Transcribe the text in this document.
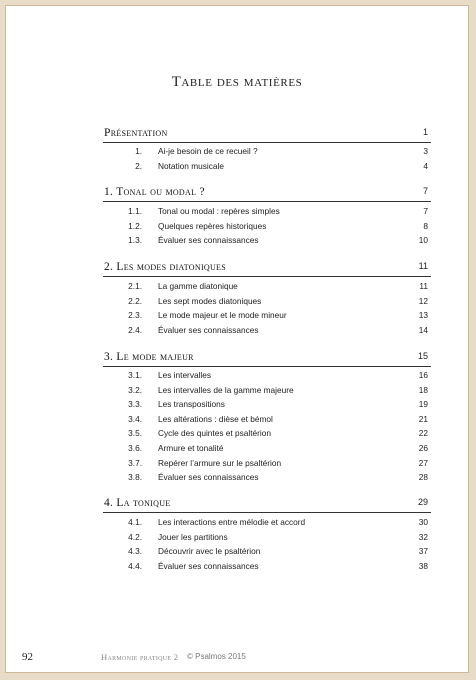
Table des matières
Présentation	1
1. Ai-je besoin de ce recueil ?	3
2. Notation musicale	4
1. Tonal ou modal ?	7
1.1. Tonal ou modal : repères simples	7
1.2. Quelques repères historiques	8
1.3. Évaluer ses connaissances	10
2. Les modes diatoniques	11
2.1. La gamme diatonique	11
2.2. Les sept modes diatoniques	12
2.3. Le mode majeur et le mode mineur	13
2.4. Évaluer ses connaissances	14
3. Le mode majeur	15
3.1. Les intervalles	16
3.2. Les intervalles de la gamme majeure	18
3.3. Les transpositions	19
3.4. Les altérations : dièse et bémol	21
3.5. Cycle des quintes et psaltérion	22
3.6. Armure et tonalité	26
3.7. Repérer l’armure sur le psaltérion	27
3.8. Évaluer ses connaissances	28
4. La tonique	29
4.1. Les interactions entre mélodie et accord	30
4.2. Jouer les partitions	32
4.3. Découvrir avec le psaltérion	37
4.4. Évaluer ses connaissances	38
92	Harmonie pratique 2 © Psalmos 2015
